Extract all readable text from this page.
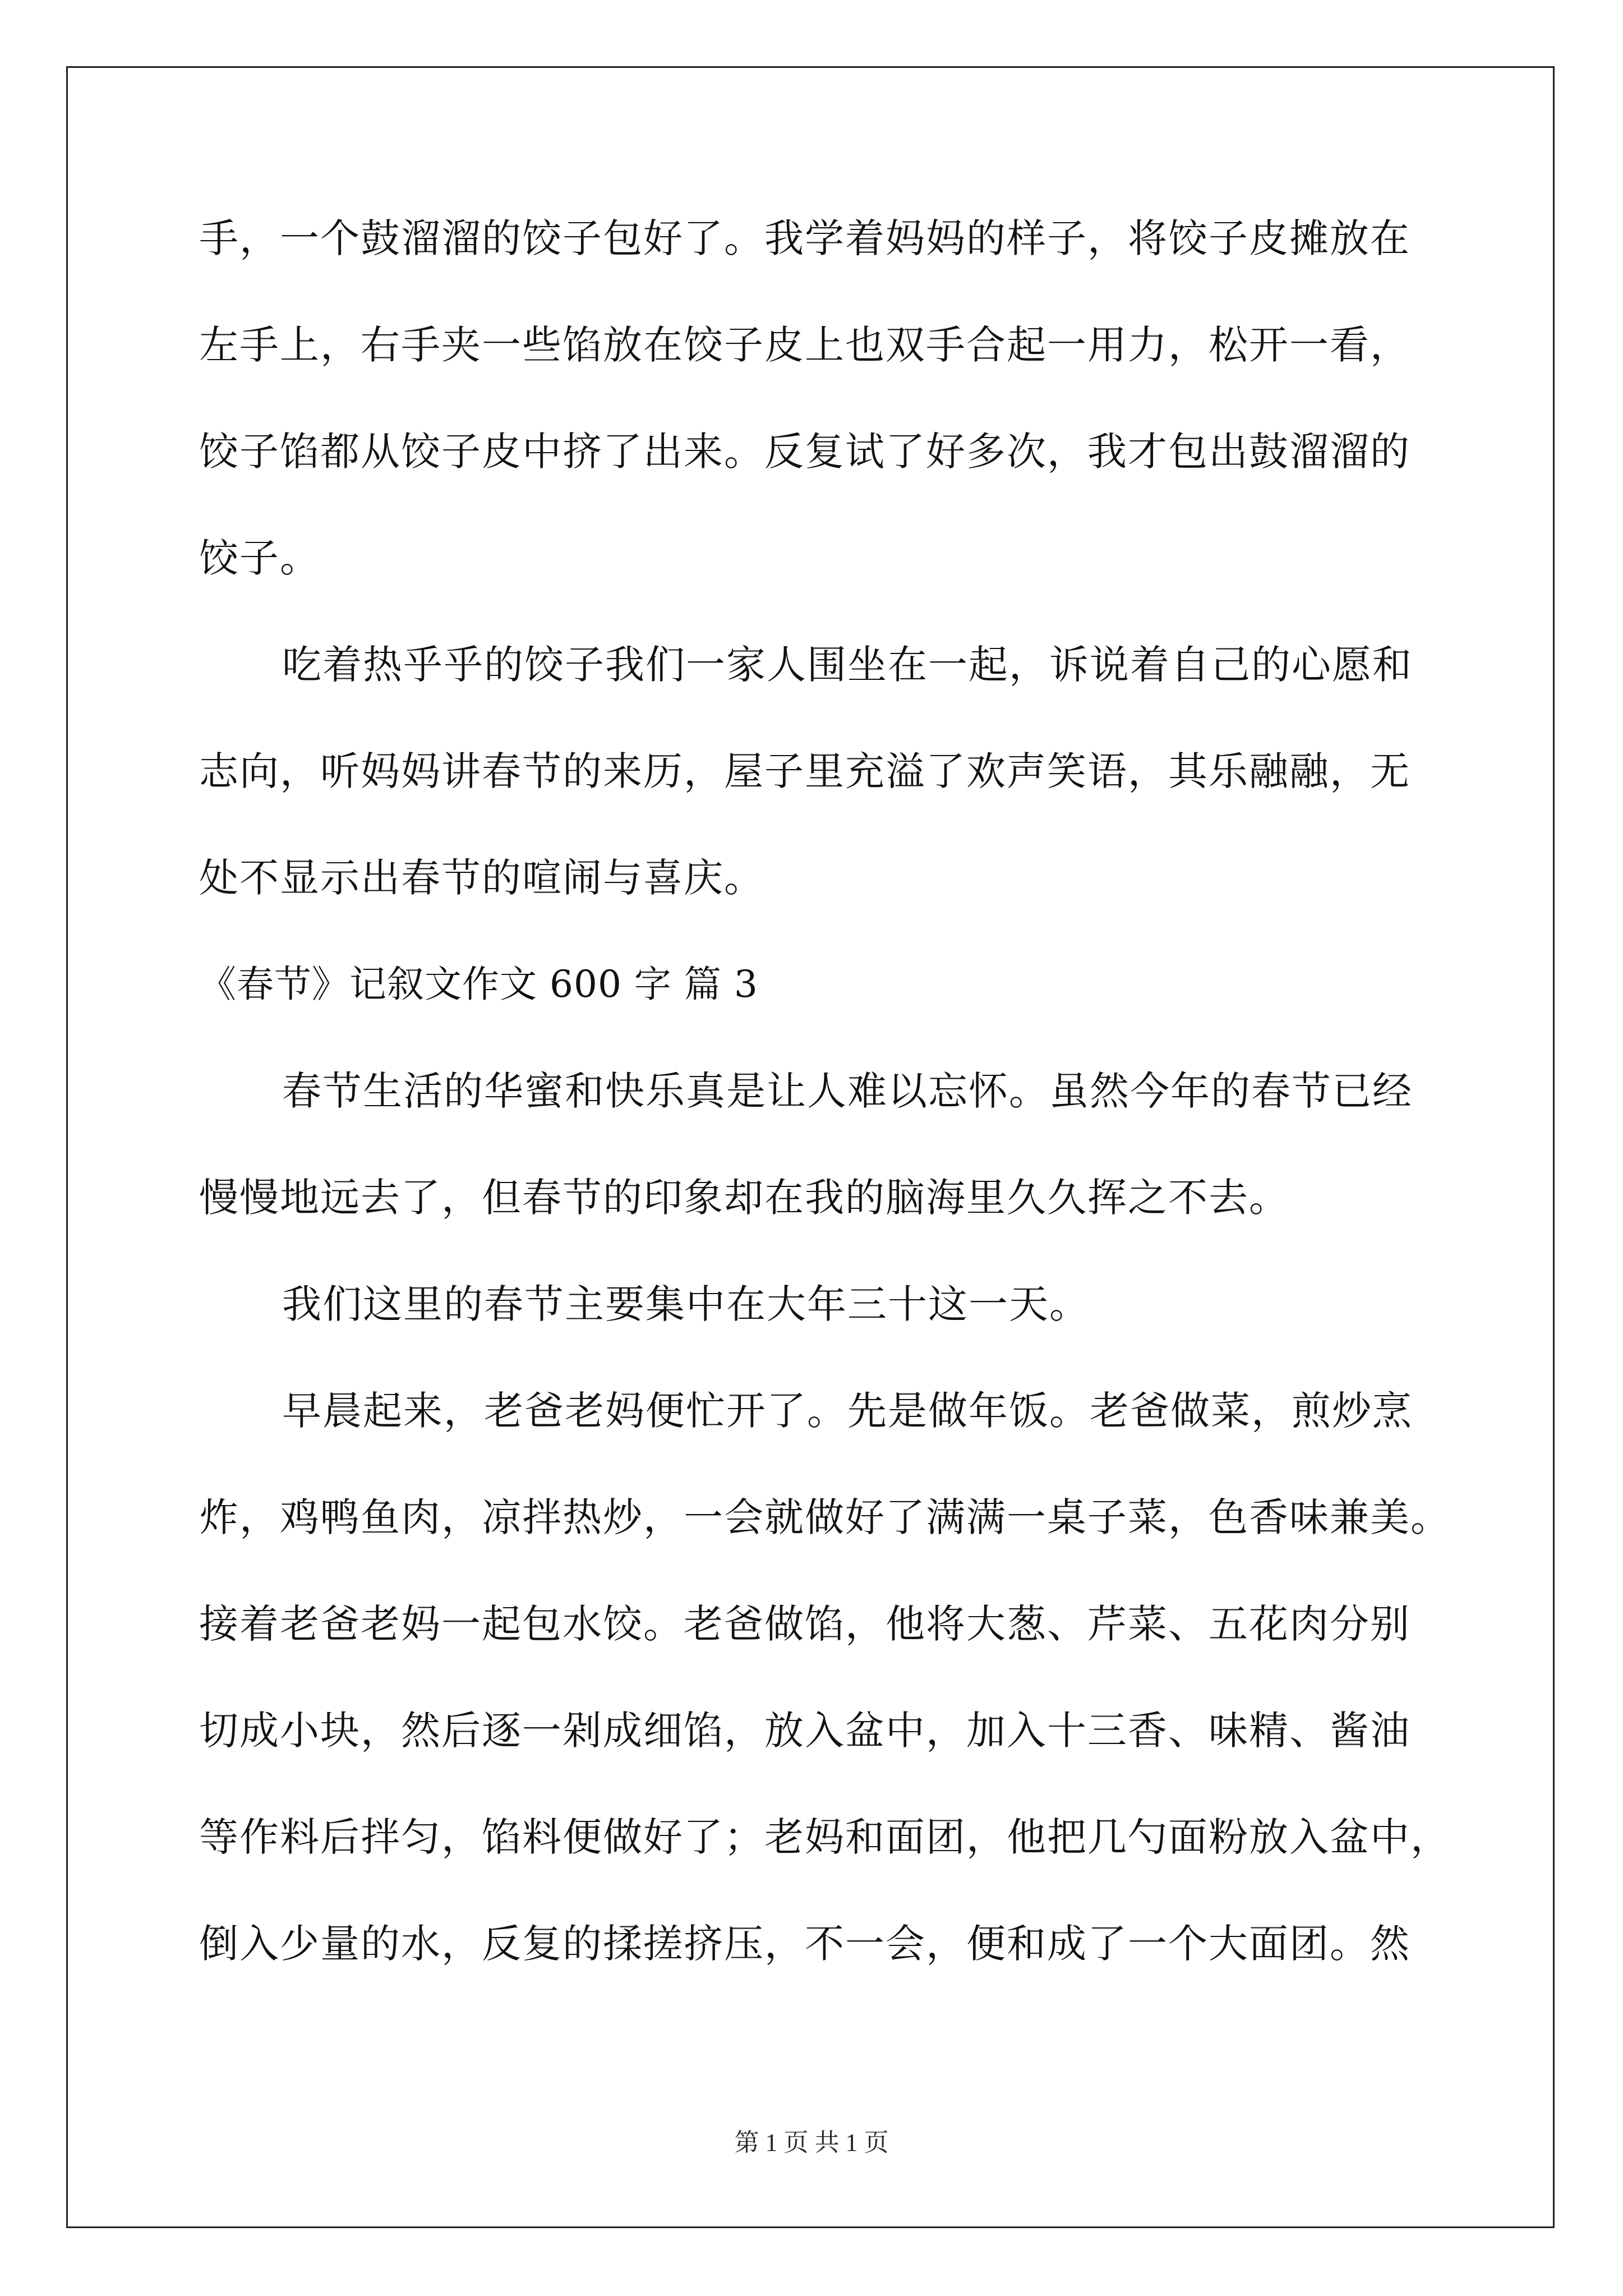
手，一个鼓溜溜的饺子包好了。我学着妈妈的样子，将饺子皮摊放在
左手上，右手夹一些馅放在饺子皮上也双手合起一用力，松开一看，
饺子馅都从饺子皮中挤了出来。反复试了好多次，我才包出鼓溜溜的
饺子。
吃着热乎乎的饺子我们一家人围坐在一起，诉说着自己的心愿和
志向，听妈妈讲春节的来历，屋子里充溢了欢声笑语，其乐融融，无
处不显示出春节的喧闹与喜庆。
《春节》记叙文作文 600 字 篇 3
春节生活的华蜜和快乐真是让人难以忘怀。虽然今年的春节已经
慢慢地远去了，但春节的印象却在我的脑海里久久挥之不去。
我们这里的春节主要集中在大年三十这一天。
早晨起来，老爸老妈便忙开了。先是做年饭。老爸做菜，煎炒烹
炸，鸡鸭鱼肉，凉拌热炒，一会就做好了满满一桌子菜，色香味兼美。
接着老爸老妈一起包水饺。老爸做馅，他将大葱、芹菜、五花肉分别
切成小块，然后逐一剁成细馅，放入盆中，加入十三香、味精、酱油
等作料后拌匀，馅料便做好了；老妈和面团，他把几勺面粉放入盆中，
倒入少量的水，反复的揉搓挤压，不一会，便和成了一个大面团。然
第 1 页 共 1 页
